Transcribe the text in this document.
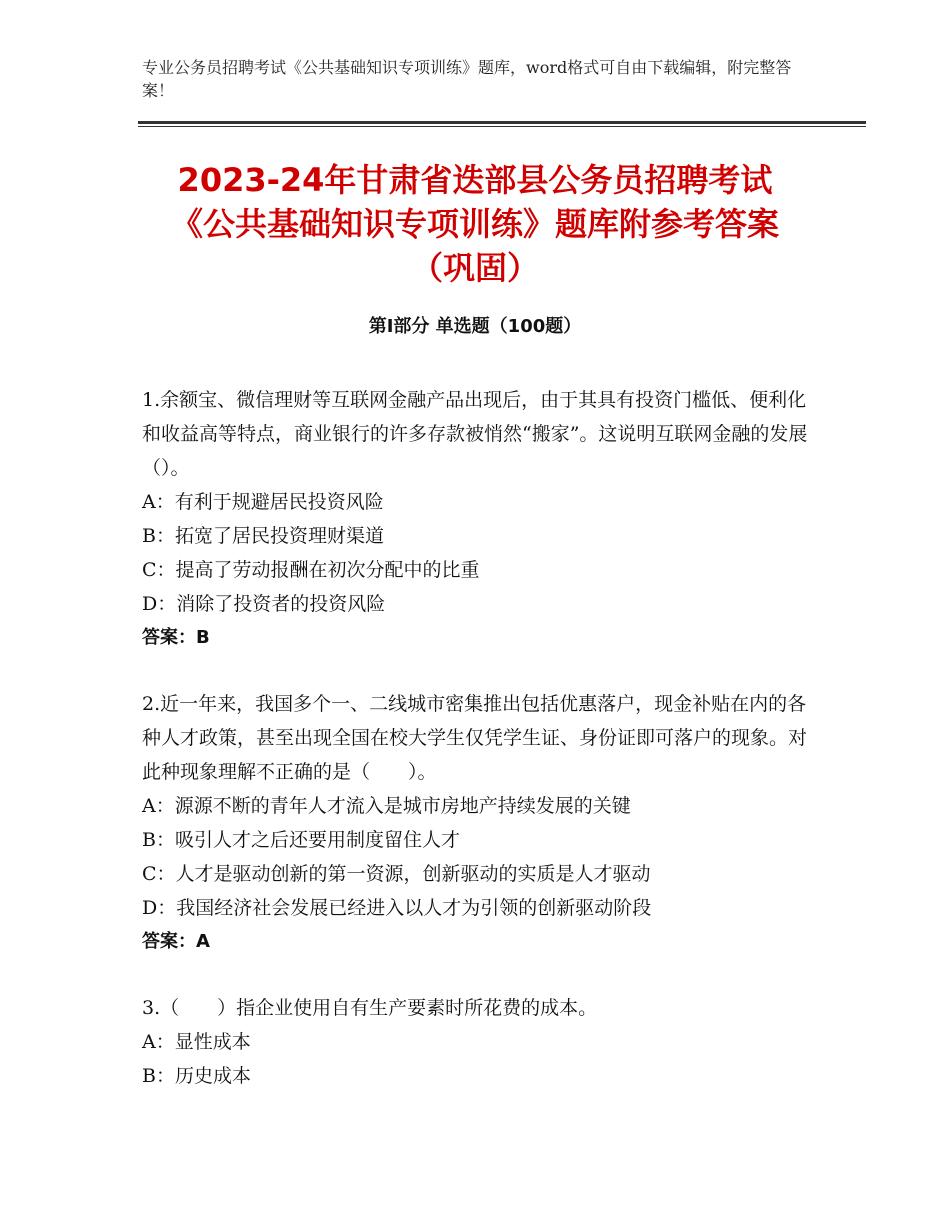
专业公务员招聘考试《公共基础知识专项训练》题库，word格式可自由下载编辑，附完整答案！
2023-24年甘肃省迭部县公务员招聘考试
《公共基础知识专项训练》题库附参考答案
（巩固）
第Ⅰ部分 单选题（100题）

1.余额宝、微信理财等互联网金融产品出现后，由于其具有投资门槛低、便利化和收益高等特点，商业银行的许多存款被悄然“搬家”。这说明互联网金融的发展（）。

A：有利于规避居民投资风险

B：拓宽了居民投资理财渠道

C：提高了劳动报酬在初次分配中的比重

D：消除了投资者的投资风险

答案：B

2.近一年来，我国多个一、二线城市密集推出包括优惠落户，现金补贴在内的各种人才政策，甚至出现全国在校大学生仅凭学生证、身份证即可落户的现象。对此种现象理解不正确的是（　　）。

A：源源不断的青年人才流入是城市房地产持续发展的关键

B：吸引人才之后还要用制度留住人才

C：人才是驱动创新的第一资源，创新驱动的实质是人才驱动

D：我国经济社会发展已经进入以人才为引领的创新驱动阶段

答案：A

3.（　　）指企业使用自有生产要素时所花费的成本。

A：显性成本

B：历史成本
